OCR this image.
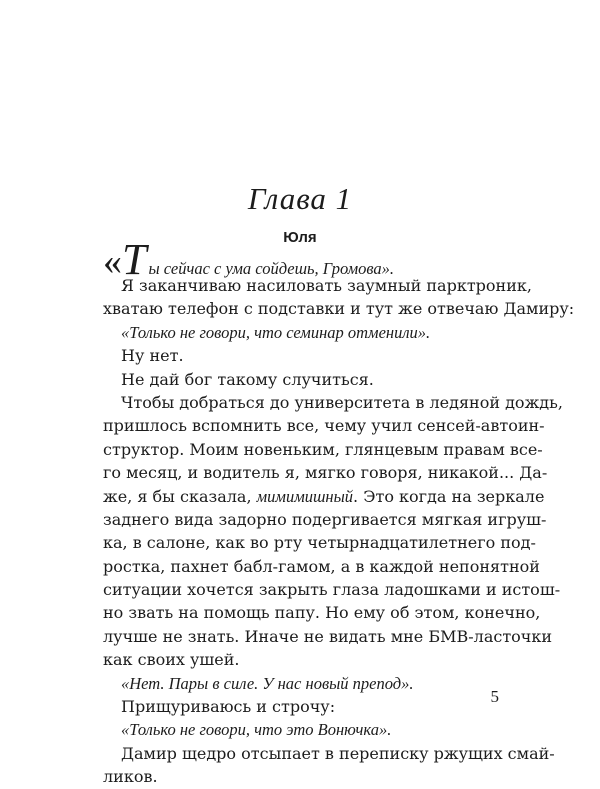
Глава 1
Юля
« Т ы сейчас с ума сойдешь, Громова».
Я заканчиваю насиловать заумный парктроник,
хватаю телефон с подставки и тут же отвечаю Дамиру:
«Только не говори, что семинар отменили».
Ну нет.
Не дай бог такому случиться.
Чтобы добраться до университета в ледяной дождь,
пришлось вспомнить все, чему учил сенсей-автоин-
структор. Моим новеньким, глянцевым правам все-
го месяц, и водитель я, мягко говоря, никакой... Да-
же, я бы сказала, мимимишный. Это когда на зеркале
заднего вида задорно подергивается мягкая игруш-
ка, в салоне, как во рту четырнадцатилетнего под-
ростка, пахнет бабл-гамом, а в каждой непонятной
ситуации хочется закрыть глаза ладошками и истош-
но звать на помощь папу. Но ему об этом, конечно,
лучше не знать. Иначе не видать мне БМВ-ласточки
как своих ушей.
«Нет. Пары в силе. У нас новый препод».
Прищуриваюсь и строчу:
«Только не говори, что это Вонючка».
Дамир щедро отсыпает в переписку ржущих смай-
ликов.
5
